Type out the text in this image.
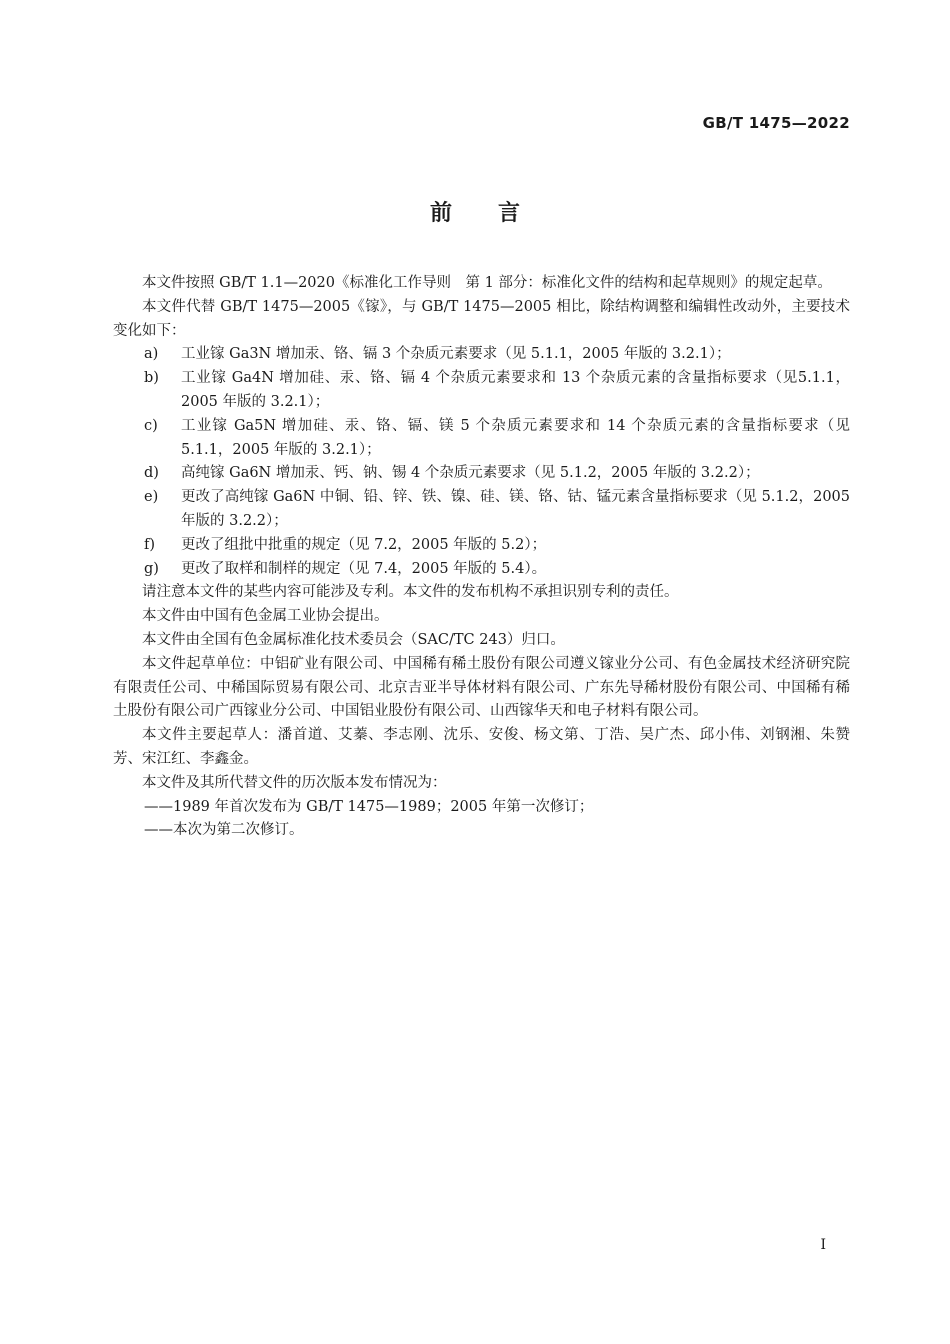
GB/T 1475—2022
前言

本文件按照 GB/T 1.1—2020《标准化工作导则　第 1 部分：标准化文件的结构和起草规则》的规定起草。

本文件代替 GB/T 1475—2005《镓》，与 GB/T 1475—2005 相比，除结构调整和编辑性改动外，主要技术变化如下：

a)	工业镓 Ga3N 增加汞、铬、镉 3 个杂质元素要求（见 5.1.1，2005 年版的 3.2.1）；
b)	工业镓 Ga4N 增加硅、汞、铬、镉 4 个杂质元素要求和 13 个杂质元素的含量指标要求（见5.1.1，2005 年版的 3.2.1）；
c)	工业镓 Ga5N 增加硅、汞、铬、镉、镁 5 个杂质元素要求和 14 个杂质元素的含量指标要求（见 5.1.1，2005 年版的 3.2.1）；
d)	高纯镓 Ga6N 增加汞、钙、钠、锡 4 个杂质元素要求（见 5.1.2，2005 年版的 3.2.2）；
e)	更改了高纯镓 Ga6N 中铜、铅、锌、铁、镍、硅、镁、铬、钴、锰元素含量指标要求（见 5.1.2，2005 年版的 3.2.2）；
f)	更改了组批中批重的规定（见 7.2，2005 年版的 5.2）；
g)	更改了取样和制样的规定（见 7.4，2005 年版的 5.4）。

请注意本文件的某些内容可能涉及专利。本文件的发布机构不承担识别专利的责任。

本文件由中国有色金属工业协会提出。

本文件由全国有色金属标准化技术委员会（SAC/TC 243）归口。

本文件起草单位：中铝矿业有限公司、中国稀有稀土股份有限公司遵义镓业分公司、有色金属技术经济研究院有限责任公司、中稀国际贸易有限公司、北京吉亚半导体材料有限公司、广东先导稀材股份有限公司、中国稀有稀土股份有限公司广西镓业分公司、中国铝业股份有限公司、山西镓华天和电子材料有限公司。

本文件主要起草人：潘首道、艾蓁、李志刚、沈乐、安俊、杨文第、丁浩、吴广杰、邱小伟、刘钢湘、朱赞芳、宋江红、李鑫金。

本文件及其所代替文件的历次版本发布情况为：

——1989 年首次发布为 GB/T 1475—1989；2005 年第一次修订；

——本次为第二次修订。

I
